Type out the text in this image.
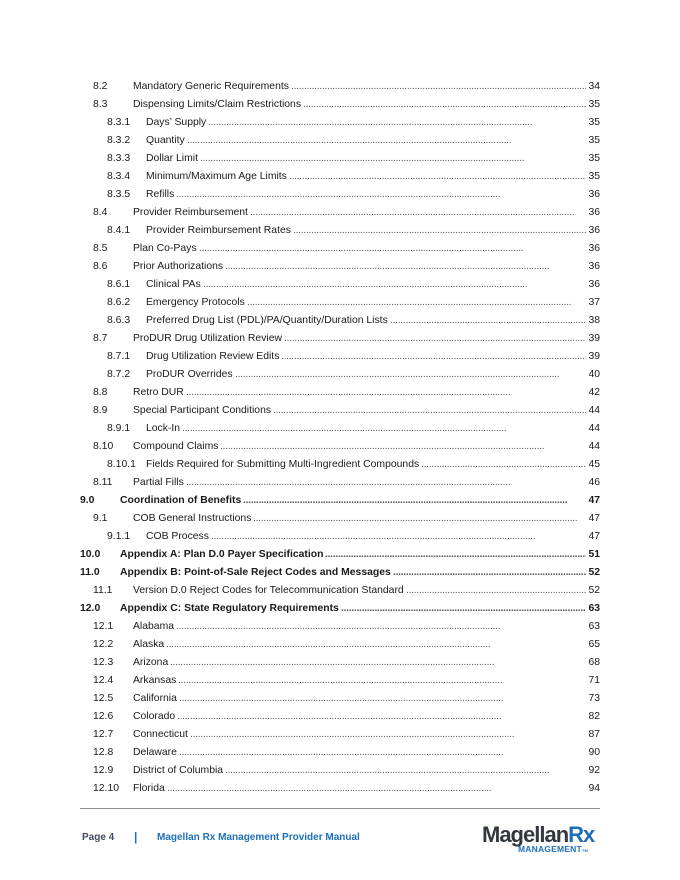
8.2 Mandatory Generic Requirements . . .	34
8.3 Dispensing Limits/Claim Restrictions . . .	35
8.3.1 Days’ Supply . . .	35
8.3.2 Quantity . . .	35
8.3.3 Dollar Limit . . .	35
8.3.4 Minimum/Maximum Age Limits . . .	35
8.3.5 Refills . . .	36
8.4 Provider Reimbursement . . .	36
8.4.1 Provider Reimbursement Rates . . .	36
8.5 Plan Co-Pays . . .	36
8.6 Prior Authorizations . . .	36
8.6.1 Clinical PAs . . .	36
8.6.2 Emergency Protocols . . .	37
8.6.3 Preferred Drug List (PDL)/PA/Quantity/Duration Lists . . .	38
8.7 ProDUR Drug Utilization Review . . .	39
8.7.1 Drug Utilization Review Edits . . .	39
8.7.2 ProDUR Overrides . . .	40
8.8 Retro DUR . . .	42
8.9 Special Participant Conditions . . .	44
8.9.1 Lock-In . . .	44
8.10 Compound Claims . . .	44
8.10.1 Fields Required for Submitting Multi-Ingredient Compounds . . .	45
8.11 Partial Fills . . .	46
9.0 Coordination of Benefits . . .	47
9.1 COB General Instructions . . .	47
9.1.1 COB Process . . .	47
10.0 Appendix A: Plan D.0 Payer Specification . . .	51
11.0 Appendix B: Point-of-Sale Reject Codes and Messages . . .	52
11.1 Version D.0 Reject Codes for Telecommunication Standard . . .	52
12.0 Appendix C: State Regulatory Requirements . . .	63
12.1 Alabama . . .	63
12.2 Alaska . . .	65
12.3 Arizona . . .	68
12.4 Arkansas . . .	71
12.5 California . . .	73
12.6 Colorado . . .	82
12.7 Connecticut . . .	87
12.8 Delaware . . .	90
12.9 District of Columbia . . .	92
12.10 Florida . . .	94
Page 4 | Magellan Rx Management Provider Manual	MagellanRx
MANAGEMENTTM
